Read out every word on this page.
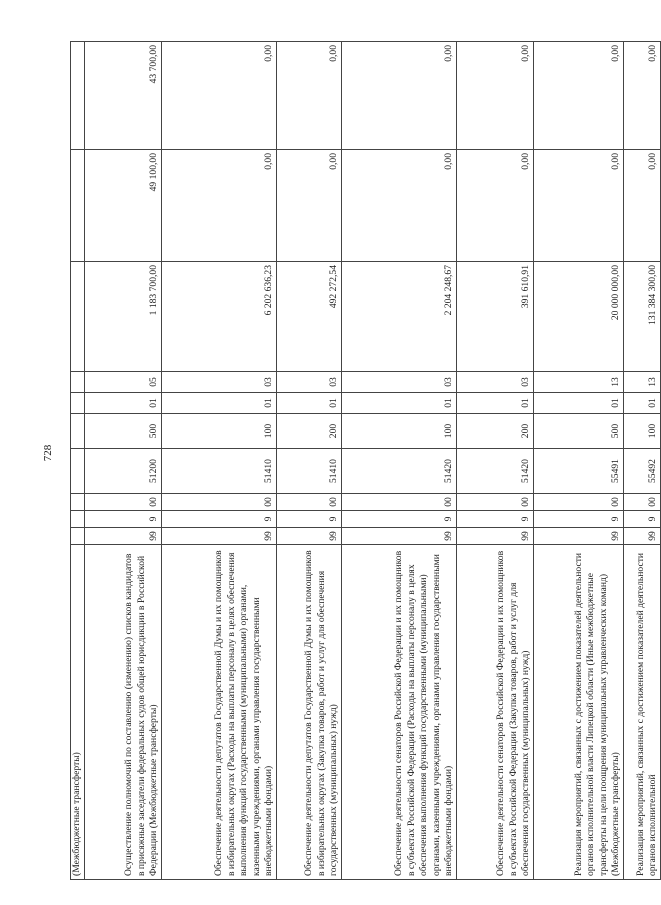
728
(Межбюджетные трансферты)										
Осуществление полномочий по составлению (изменению) списков кандидатов в присяжные заседатели федеральных судов общей юрисдикции в Российской Федерации (Межбюджетные трансферты)	99	9	00	51200	500	01	05	1 183 700,00	49 100,00	43 700,00
Обеспечение деятельности депутатов Государственной Думы и их помощников в избирательных округах (Расходы на выплаты персоналу в целях обеспечения выполнения функций государственными (муниципальными) органами, казенными учреждениями, органами управления государственными внебюджетными фондами)	99	9	00	51410	100	01	03	6 202 636,23	0,00	0,00
Обеспечение деятельности депутатов Государственной Думы и их помощников в избирательных округах (Закупка товаров, работ и услуг для обеспечения государственных (муниципальных) нужд)	99	9	00	51410	200	01	03	492 272,54	0,00	0,00
Обеспечение деятельности сенаторов Российской Федерации и их помощников в субъектах Российской Федерации (Расходы на выплаты персоналу в целях обеспечения выполнения функций государственными (муниципальными) органами, казенными учреждениями, органами управления государственными внебюджетными фондами)	99	9	00	51420	100	01	03	2 204 248,67	0,00	0,00
Обеспечение деятельности сенаторов Российской Федерации и их помощников в субъектах Российской Федерации (Закупка товаров, работ и услуг для обеспечения государственных (муниципальных) нужд)	99	9	00	51420	200	01	03	391 610,91	0,00	0,00
Реализация мероприятий, связанных с достижением показателей деятельности органов исполнительной власти Липецкой области (Иные межбюджетные трансферты на цели поощрения муниципальных управленческих команд) (Межбюджетные трансферты)	99	9	00	55491	500	01	13	20 000 000,00	0,00	0,00
Реализация мероприятий, связанных с достижением показателей деятельности органов исполнительной	99	9	00	55492	100	01	13	131 384 300,00	0,00	0,00
